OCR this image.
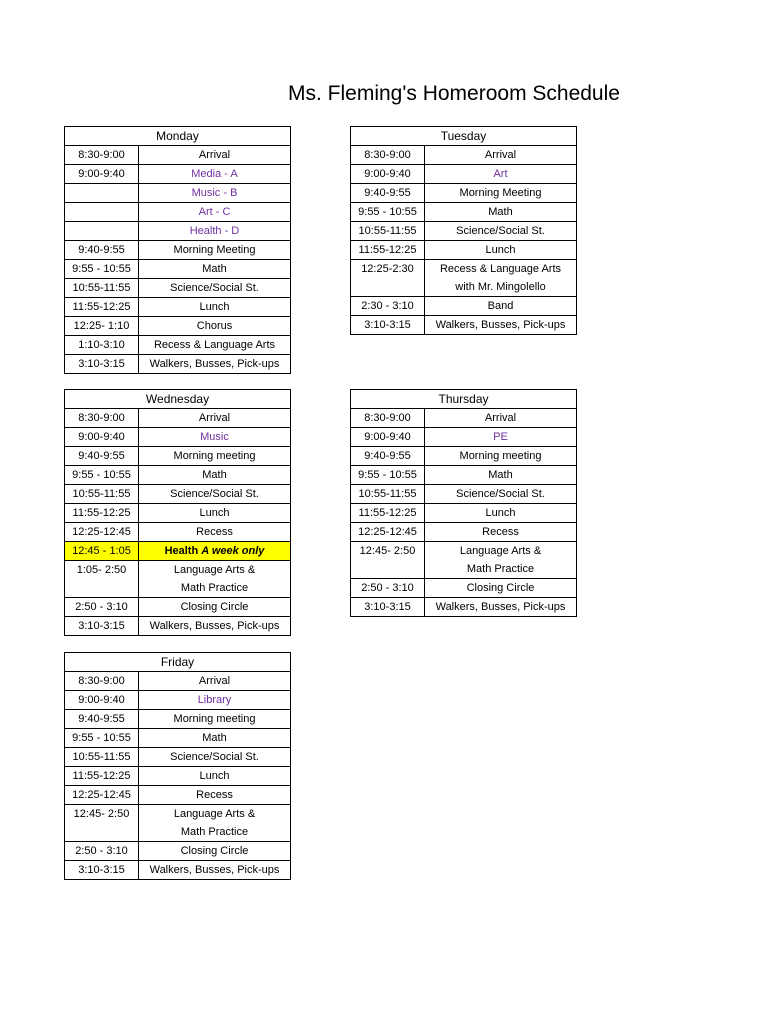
Ms. Fleming's Homeroom Schedule
Monday	
8:30-9:00	Arrival
9:00-9:40	Media - A
	Music - B
	Art - C
	Health - D
9:40-9:55	Morning Meeting
9:55 - 10:55	Math
10:55-11:55	Science/Social St.
11:55-12:25	Lunch
12:25- 1:10	Chorus
1:10-3:10	Recess & Language Arts
3:10-3:15	Walkers, Busses, Pick-ups
Tuesday	
8:30-9:00	Arrival
9:00-9:40	Art
9:40-9:55	Morning Meeting
9:55 - 10:55	Math
10:55-11:55	Science/Social St.
11:55-12:25	Lunch
12:25-2:30	Recess & Language Arts
	with Mr. Mingolello
2:30 - 3:10	Band
3:10-3:15	Walkers, Busses, Pick-ups
Wednesday	
8:30-9:00	Arrival
9:00-9:40	Music
9:40-9:55	Morning meeting
9:55 - 10:55	Math
10:55-11:55	Science/Social St.
11:55-12:25	Lunch
12:25-12:45	Recess
12:45 - 1:05	Health A week only
1:05- 2:50	Language Arts &
	Math Practice
2:50 - 3:10	Closing Circle
3:10-3:15	Walkers, Busses, Pick-ups
Thursday	
8:30-9:00	Arrival
9:00-9:40	PE
9:40-9:55	Morning meeting
9:55 - 10:55	Math
10:55-11:55	Science/Social St.
11:55-12:25	Lunch
12:25-12:45	Recess
12:45- 2:50	Language Arts &
	Math Practice
2:50 - 3:10	Closing Circle
3:10-3:15	Walkers, Busses, Pick-ups
Friday	
8:30-9:00	Arrival
9:00-9:40	Library
9:40-9:55	Morning meeting
9:55 - 10:55	Math
10:55-11:55	Science/Social St.
11:55-12:25	Lunch
12:25-12:45	Recess
12:45- 2:50	Language Arts &
	Math Practice
2:50 - 3:10	Closing Circle
3:10-3:15	Walkers, Busses, Pick-ups
